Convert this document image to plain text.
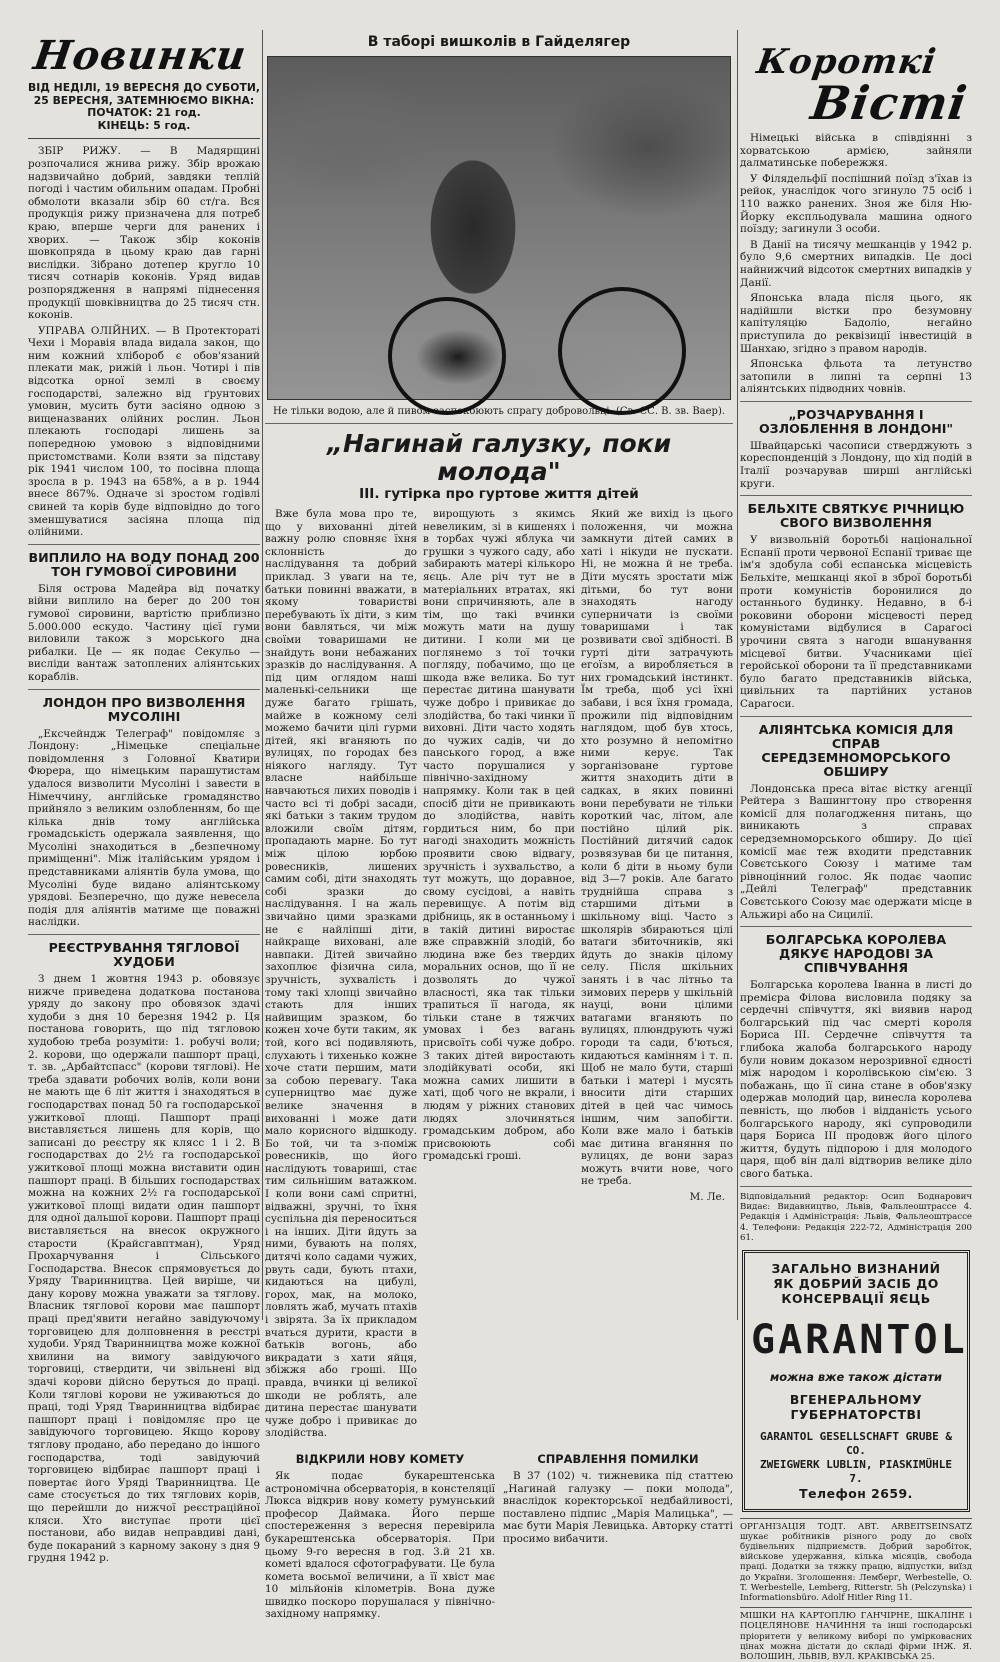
Новинки
ВІД НЕДІЛІ, 19 ВЕРЕСНЯ ДО СУБОТИ, 25 ВЕРЕСНЯ, ЗАТЕМНЮЄМО ВІКНА:
ПОЧАТОК: 21 год.
КІНЕЦЬ: 5 год.

ЗБІР РИЖУ. — В Мадярщині розпочалися жнива рижу. Збір врожаю надзвичайно добрий, завдяки теплій погоді і частим обильним опадам. Пробні обмолоти вказали збір 60 ст/га. Вся продукція рижу призначена для потреб краю, вперше черги для ранених і хворих. — Також збір коконів шовкопряда в цьому краю дав гарні вислідки. Зібрано дотепер кругло 10 тисяч сотнарів коконів. Уряд видав розпорядження в напрямі піднесення продукції шовківництва до 25 тисяч стн. коконів.

УПРАВА ОЛІЙНИХ. — В Протектораті Чехи і Моравія влада видала закон, що ним кожний хлібороб є обов'язаний плекати мак, рижій і льон. Чотирі і пів відсотка орної землі в своєму господарстві, залежно від ґрунтових умовин, мусить бути засіяно одною з вищеназваних олійних рослин. Льон плекають господарі лишень за попередною умовою з відповідними пристомствами. Коли взяти за підставу рік 1941 числом 100, то посівна площа зросла в р. 1943 на 658%, а в р. 1944 внесе 867%. Одначе зі зростом годівлі свиней та корів буде відповідно до того зменшуватися засіяна площа під олійними.

ВИПЛИЛО НА ВОДУ ПОНАД 200 ТОН ГУМОВОЇ СИРОВИНИ

Біля острова Мадейра від початку війни виплило на берег до 200 тон гумової сировини, вартістю приблизно 5.000.000 ескудо. Частину цієї гуми виловили також з морського дна рибалки. Це — як подає Секульо — висліди вантаж затоплених аліянтських кораблів.

ЛОНДОН ПРО ВИЗВОЛЕННЯ МУСОЛІНІ

„Ексчейндж Телеграф" повідомляє з Лондону: „Німецьке спеціальне повідомлення з Головної Кватири Фюрера, що німецьким парашутистам удалося визволити Мусоліні і завести в Німеччину, англійське громадянство прийняло з великим озлобленням, бо ще кілька днів тому англійська громадськість одержала заявлення, що Мусоліні знаходиться в „безпечному приміщенні". Між італійським урядом і представниками аліянтів була умова, що Мусоліні буде видано аліянтському урядові. Безперечно, що дуже невесела подія для аліянтів матиме ще поважні наслідки.

РЕЄСТРУВАННЯ ТЯГЛОВОЇ ХУДОБИ

З днем 1 жовтня 1943 р. обовязує нижче приведена додаткова постанова уряду до закону про обовязок здачі худоби з дня 10 березня 1942 р. Ця постанова говорить, що під тягловою худобою треба розуміти: 1. робучі воли; 2. корови, що одержали пашпорт праці, т. зв. „Арбайтспасс" (корови тяглові). Не треба здавати робочих волів, коли вони не мають ще 6 літ життя і знаходяться в господарствах понад 50 га господарської ужиткової площі. Пашпорт праці виставляється лишень для корів, що записані до реєстру як клясс 1 і 2. В господарствах до 2½ га господарської ужиткової площі можна виставити один пашпорт праці. В більших господарствах можна на кожних 2½ га господарської ужиткової площі видати один пашпорт для одної дальшої корови. Пашпорт праці виставляється на внесок окружного старости (Крайсгавптман), Уряд Прохарчування і Сільського Господарства. Внесок спрямовується до Уряду Тваринництва. Цей виріше, чи дану корову можна уважати за тяглову. Власник тяглової корови має пашпорт праці пред'явити негайно завідуючому торговицею для долповнення в реєстрі худоби. Уряд Тваринництва може кожної хвилини на вимогу завідуючого торговиці, ствердити, чи звільнені від здачі корови дійсно беруться до праці. Коли тяглові корови не уживаються до праці, тоді Уряд Тваринництва відбирає пашпорт праці і повідомляє про це завідуючого торговицею. Якщо корову тяглову продано, або передано до іншого господарства, тоді завідуючий торговицею відбирає пашпорт праці і повертає його Уряді Тваринництва. Це саме стосується до тих тяглових корів, що перейшли до нижчої реєстраційної кляси. Хто виступає проти цієї постанови, або видав неправдиві дані, буде покараний з карному закону з дня 9 грудня 1942 р.

В таборі вишколів в Гайделягер
Не тільки водою, але й пивом заспокоюють спрагу добровольці. (Св. СС. В. зв. Ваер).
„Нагинай галузку, поки молода"
III. гутірка про гуртове життя дітей

Вже була мова про те, що у вихованні дітей важну ролю сповняє їхня склонність до наслідування та добрий приклад. З уваги на те, батьки повинні вважати, в якому товаристві перебувають їх діти, з ким вони бавляться, чи між своїми товаришами не знайдуть вони небажаних зразків до наслідування. А під цим оглядом наші маленькі-сельники ще дуже багато грішать, майже в кожному селі можемо бачити цілі гурми дітей, які вганяють по вулицях, по городах без ніякого нагляду. Тут власне найбільше навчаються лихих поводів і часто всі ті добрі засади, які батьки з таким трудом вложили своїм дітям, пропадають марне. Бо тут між цілою юрбою ровесників, лишених самим собі, діти знаходять собі зразки до наслідування. І на жаль звичайно цими зразками не є найліпші діти, найкраще виховані, але навпаки. Дітей звичайно захоплює фізична сила, зручність, зухвалість і тому такі хлопці звичайно стають для інших найвищим зразком, бо кожен хоче бути таким, як той, кого всі подивляють, слухають і тихенько кожне хоче стати першим, мати за собою перевагу. Така суперництво має дуже велике значення в вихованні і може дати мало корисного відшкоду. Бо той, чи та з-поміж ровесників, що його наслідують товариші, стає тим сильнішим ватажком. І коли вони самі спритні, відважні, зручні, то їхня суспільна дія переноситься і на інших. Діти йдуть за ними, бувають на полях, дитячі коло садами чужих, рвуть сади, бують птахи, кидаються на цибулі, горох, мак, на молоко, ловлять жаб, мучать птахів і звірята. За їх прикладом вчаться дурити, красти в батьків вогонь, або викрадати з хати яйця, збіжжя або гроші. Що правда, вчинки ці великої шкоди не роблять, але дитина перестає шанувати чуже добро і привикає до злодійства.

вирощують з якимсь невеликим, зі в кишенях і в торбах чужі яблука чи грушки з чужого саду, або забирають матері кількоро яєць. Але річ тут не в матеріальних втратах, які вони спричиняють, але в тім, що такі вчинки можуть мати на душу дитини. І коли ми це поглянемо з тої точки погляду, побачимо, що це шкода вже велика. Бо тут перестає дитина шанувати чуже добро і привикає до злодійства, бо такі чинки її виховні. Діти часто ходять до чужих садів, чи до панського город, а вже часто порушалися у північно-західному напрямку. Коли так в цей спосіб діти не привикають до злодійства, навіть гордиться ним, бо при нагоді знаходить можність проявити свою відвагу, зручність і зухвальство, а тут можуть, що доравное, свому сусідові, а навіть перевищує. А потім від дрібниць, як в останньому і в такій дитині виростає вже справжній злодій, бо людина вже без твердих моральних основ, що її не дозволять до чужої власності, яка так тільки трапиться її нагода, як тільки стане в тяжчих умовах і без вагань присвоїть собі чуже добро. З таких дітей виростають злодійкуваті особи, які можна самих лишити в хаті, щоб чого не вкрали, і людям у ріжних станових людях злочиняться громадським добром, або присвоюють собі громадські гроші.

Який же вихід із цього положення, чи можна замкнути дітей самих в хаті і нікуди не пускати. Ні, не можна й не треба. Діти мусять зростати між дітьми, бо тут вони знаходять нагоду суперничати із своїми товаришами і так розвивати свої здібності. В гурті діти затрачують егоїзм, а виробляється в них громадський інстинкт. Їм треба, щоб усі їхні забави, і вся їхня громада, прожили під відповідним наглядом, щоб був хтось, хто розумно й непомітно ними керує. Так зорганізоване гуртове життя знаходить діти в садках, в яких повинні вони перебувати не тільки короткий час, літом, але постійно цілий рік. Постійний дитячий садок розвязував би це питання, коли б діти в ньому були від 3—7 років. Але багато труднійша справа з старшими дітьми в шкільному віці. Часто з школярів збираються цілі ватаги збиточників, які йдуть до знаків цілому селу. Після шкільних занять і в час літньо та зимових перерв у шкільній науці, вони цілими ватагами вганяють по вулицях, плюндрують чужі городи та сади, б'ються, кидаються камінням і т. п. Щоб не мало бути, старші батьки і матері і мусять вносити діти старших дітей в цей час чимось іншим, чим запобігти. Коли вже мало і батьків має дитина вганяння по вулицях, де вони зараз можуть вчити нове, чого не треба.

М. Ле.
ВІДКРИЛИ НОВУ КОМЕТУ

Як подає букарештенська астрономічна обсерваторія, в констеляції Люкса відкрив нову комету румунський професор Даймака. Його перше спостереження з вересня перевірила букарештенська обсерваторія. При цьому 9-го вересня в год. 3.й 21 хв. кометі вдалося сфотографувати. Це була комета восьмої величини, а її хвіст має 10 мільйонів кілометрів. Вона дуже швидко поскоро порушалася у північно-західному напрямку.

СПРАВЛЕННЯ ПОМИЛКИ

В 37 (102) ч. тижневика під статтею „Нагинай галузку — поки молода", внаслідок коректорської недбайливості, поставлено підпис „Марія Малицька", — має бути Марія Левицька. Авторку статті просимо вибачити.

Короткі
Вісті

Німецькі війська в співдіянні з хорватською армією, зайняли далматинське побережжя.

У Філядельфії поспішний поїзд з'їхав із рейок, унаслідок чого згинуло 75 осіб і 110 важко ранених. Зноя же біля Ню-Йорку експльодувала машина одного поїзду; загинули 3 особи.

В Данії на тисячу мешканців у 1942 р. було 9,6 смертних випадків. Це досі найнижчий відсоток смертних випадків у Данії.

Японська влада після цього, як надійшли вістки про безумовну капітуляцію Бадоліо, негайно приступила до реквізиції інвестицій в Шанхаю, згідно з правом народів.

Японська фльота та летунство затопили в липні та серпні 13 аліянтських підводних човнів.

„РОЗЧАРУВАННЯ І ОЗЛОБЛЕННЯ В ЛОНДОНІ"

Швайцарські часописи стверджують з кореспонденцій з Лондону, що хід подій в Італії розчарував ширші англійські круги.

БЕЛЬХІТЕ СВЯТКУЄ РІЧНИЦЮ СВОГО ВИЗВОЛЕННЯ

У визвольній боротьбі національної Еспанії проти червоної Еспанії триває ще ім'я здобула собі еспанська місцевість Бельхіте, мешканці якої в зброї боротьбі проти комуністів боронилися до останнього будинку. Недавно, в б-і роковини оборони місцевості перед комуністами відбулися в Сарагосі урочини свята з нагоди вшанування місцевої битви. Учасниками цієї геройської оборони та її представниками було багато представників війська, цивільних та партійних установ Сарагоси.

АЛІЯНТСЬКА КОМІСІЯ ДЛЯ СПРАВ СЕРЕДЗЕМНОМОРСЬКОГО ОБШИРУ

Лондонська преса вітає вістку агенції Рейтера з Вашингтону про створення комісії для полагодження питань, що виникають з справах середземноморського обширу. До цієї комісії має теж входити представник Совєтського Союзу і матиме там рівноцінний голос. Як подає чаопис „Дейлі Телеграф" представник Совєтського Союзу має одержати місце в Альжирі або на Сицилії.

БОЛГАРСЬКА КОРОЛЕВА ДЯКУЄ НАРОДОВІ ЗА СПІВЧУВАННЯ

Болгарська королева Іванна в листі до премієра Філова висловила подяку за сердечні співчуття, які виявив народ болгарський під час смерті короля Бориса III. Сердечне співчуття та глибока жалоба болгарського народу були новим доказом нерозривної єдності між народом і королівською сім'єю. З побажань, що її сина стане в обов'язку одержав молодий цар, винесла королева певність, що любов і відданість усього болгарського народу, які супроводили царя Бориса III продовж його цілого життя, будуть підпорою і для молодого царя, щоб він далі відтворив велике діло свого батька.

Відповідальний редактор: Осип Боднарович Видає: Видавництво, Львів, Фальлеоштрассе 4. Редакція і Адміністрація: Львів, Фальлеоштрассе 4. Телефони: Редакція 222-72, Адміністрація 200 61.
ЗАГАЛЬНО ВИЗНАНИЙ
ЯК ДОБРИЙ ЗАСІБ ДО
КОНСЕРВАЦІЇ ЯЄЦЬ
GARANTOL
можна вже також дістати
ВГЕНЕРАЛЬНОМУ
ГУБЕРНАТОРСТВІ
GARANTOL GESELLSCHAFT GRUBE & CO.
ZWEIGWERK LUBLIN, PIASKIMÜHLE 7.
Телефон 2659.
ОРГАНІЗАЦІЯ ТОДТ. АВТ. ARBEITSEINSATZ шукає робітників різного роду до своїх будівельних підприємств. Добрий заробіток, військове удержання, кілька місяців, свобода праці. Додатки за тяжку працю, відпустки, виїзд до України. Зголошення: Лемберг, Werbestelle, O. T. Werbestelle, Lemberg, Ritterstr. 5h (Pelczynska) i Informationsbüro. Adolf Hitler Ring 11.
МІШКИ НА КАРТОПЛЮ ГАНЧІРНЕ, ШКАЛІНЕ і ПОЦЕЛЯНОВЕ НАЧИННЯ та інші господарські пріоритети у великому виборі по умірковасних цінах можна дістати до складі фірми ІНЖ. Я. ВОЛОШИН, ЛЬВІВ, ВУЛ. КРАКІВСЬКА 25.
